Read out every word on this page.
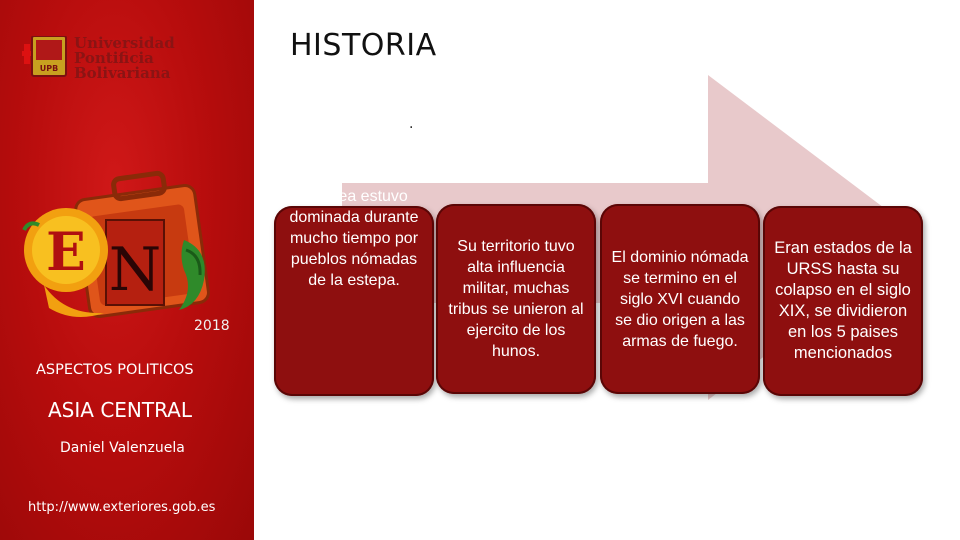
UPB
Universidad
Pontificia
Bolivariana
N
E
2018
ASPECTOS POLITICOS
ASIA CENTRAL
Daniel Valenzuela
http://www.exteriores.gob.es
HISTORIA
.
Su área estuvo dominada durante mucho tiempo por pueblos nómadas de la estepa.
Su territorio tuvo alta influencia militar, muchas tribus se unieron al ejercito de los hunos.
El dominio nómada se termino en el siglo XVI cuando se dio origen a las armas de fuego.
Eran estados de la URSS hasta su colapso en el siglo XIX, se dividieron en los 5 paises mencionados
